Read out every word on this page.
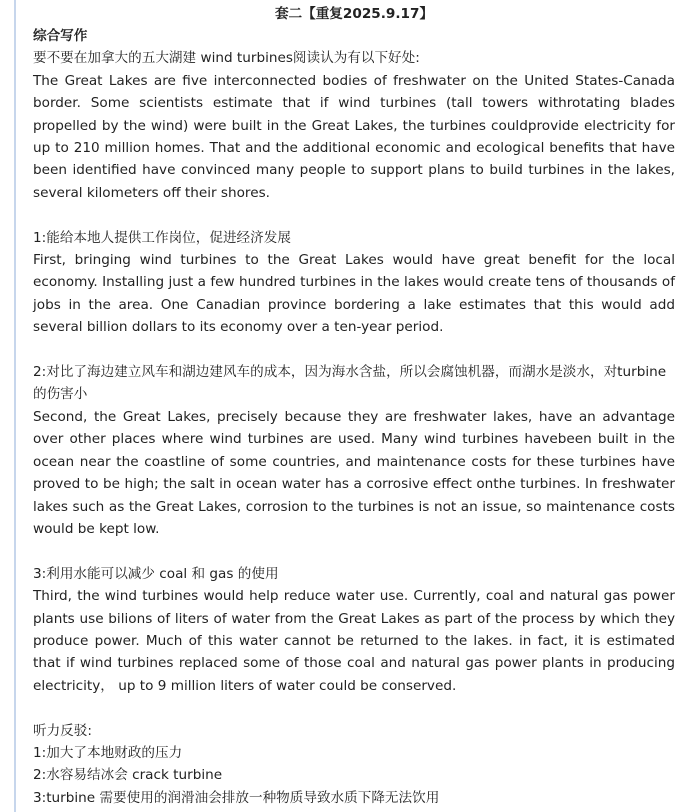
套二【重复2025.9.17】
综合写作

要不要在加拿大的五大湖建 wind turbines阅读认为有以下好处:

The Great Lakes are five interconnected bodies of freshwater on the United States-Canada border. Some scientists estimate that if wind turbines (tall towers withrotating blades propelled by the wind) were built in the Great Lakes, the turbines couldprovide electricity for up to 210 million homes. That and the additional economic and ecological benefits that have been identified have convinced many people to support plans to build turbines in the lakes, several kilometers off their shores.

1:能给本地人提供工作岗位，促进经济发展

First, bringing wind turbines to the Great Lakes would have great benefit for the local economy. Installing just a few hundred turbines in the lakes would create tens of thousands of jobs in the area. One Canadian province bordering a lake estimates that this would add several billion dollars to its economy over a ten-year period.

2:对比了海边建立风车和湖边建风车的成本，因为海水含盐，所以会腐蚀机器，而湖水是淡水，对turbine的伤害小

Second, the Great Lakes, precisely because they are freshwater lakes, have an advantage over other places where wind turbines are used. Many wind turbines havebeen built in the ocean near the coastline of some countries, and maintenance costs for these turbines have proved to be high; the salt in ocean water has a corrosive effect onthe turbines. In freshwater lakes such as the Great Lakes, corrosion to the turbines is not an issue, so maintenance costs would be kept low.

3:利用水能可以减少 coal 和 gas 的使用

Third, the wind turbines would help reduce water use. Currently, coal and natural gas power plants use bilions of liters of water from the Great Lakes as part of the process by which they produce power. Much of this water cannot be returned to the lakes. in fact, it is estimated that if wind turbines replaced some of those coal and natural gas power plants in producing electricity， up to 9 million liters of water could be conserved.

听力反驳:

1:加大了本地财政的压力

2:水容易结冰会 crack turbine

3:turbine 需要使用的润滑油会排放一种物质导致水质下降无法饮用
